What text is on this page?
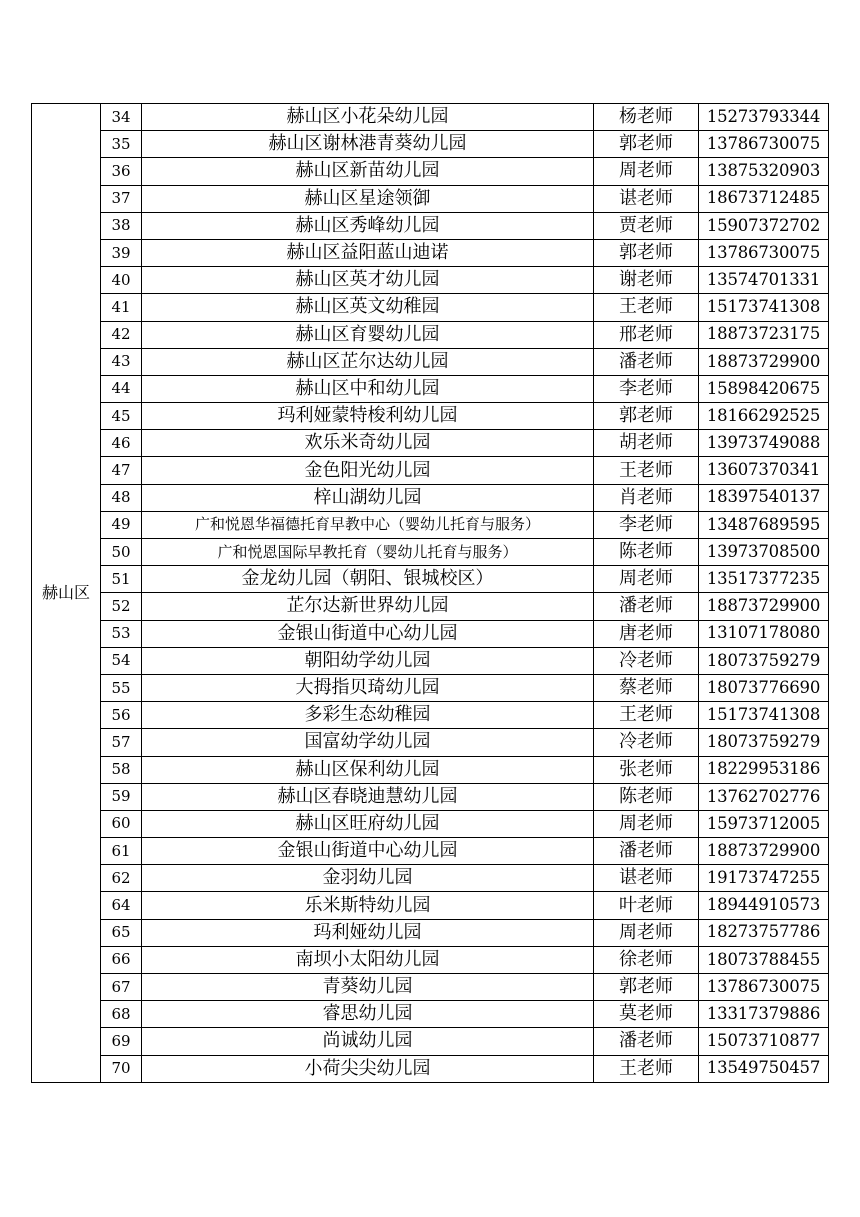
赫山区	34	赫山区小花朵幼儿园	杨老师	15273793344
	35	赫山区谢林港青葵幼儿园	郭老师	13786730075
	36	赫山区新苗幼儿园	周老师	13875320903
	37	赫山区星途领御	谌老师	18673712485
	38	赫山区秀峰幼儿园	贾老师	15907372702
	39	赫山区益阳蓝山迪诺	郭老师	13786730075
	40	赫山区英才幼儿园	谢老师	13574701331
	41	赫山区英文幼稚园	王老师	15173741308
	42	赫山区育婴幼儿园	邢老师	18873723175
	43	赫山区芷尔达幼儿园	潘老师	18873729900
	44	赫山区中和幼儿园	李老师	15898420675
	45	玛利娅蒙特梭利幼儿园	郭老师	18166292525
	46	欢乐米奇幼儿园	胡老师	13973749088
	47	金色阳光幼儿园	王老师	13607370341
	48	梓山湖幼儿园	肖老师	18397540137
	49	广和悦恩华福德托育早教中心（婴幼儿托育与服务）	李老师	13487689595
	50	广和悦恩国际早教托育（婴幼儿托育与服务）	陈老师	13973708500
	51	金龙幼儿园（朝阳、银城校区）	周老师	13517377235
	52	芷尔达新世界幼儿园	潘老师	18873729900
	53	金银山街道中心幼儿园	唐老师	13107178080
	54	朝阳幼学幼儿园	冷老师	18073759279
	55	大拇指贝琦幼儿园	蔡老师	18073776690
	56	多彩生态幼稚园	王老师	15173741308
	57	国富幼学幼儿园	冷老师	18073759279
	58	赫山区保利幼儿园	张老师	18229953186
	59	赫山区春晓迪慧幼儿园	陈老师	13762702776
	60	赫山区旺府幼儿园	周老师	15973712005
	61	金银山街道中心幼儿园	潘老师	18873729900
	62	金羽幼儿园	谌老师	19173747255
	64	乐米斯特幼儿园	叶老师	18944910573
	65	玛利娅幼儿园	周老师	18273757786
	66	南坝小太阳幼儿园	徐老师	18073788455
	67	青葵幼儿园	郭老师	13786730075
	68	睿思幼儿园	莫老师	13317379886
	69	尚诚幼儿园	潘老师	15073710877
	70	小荷尖尖幼儿园	王老师	13549750457
